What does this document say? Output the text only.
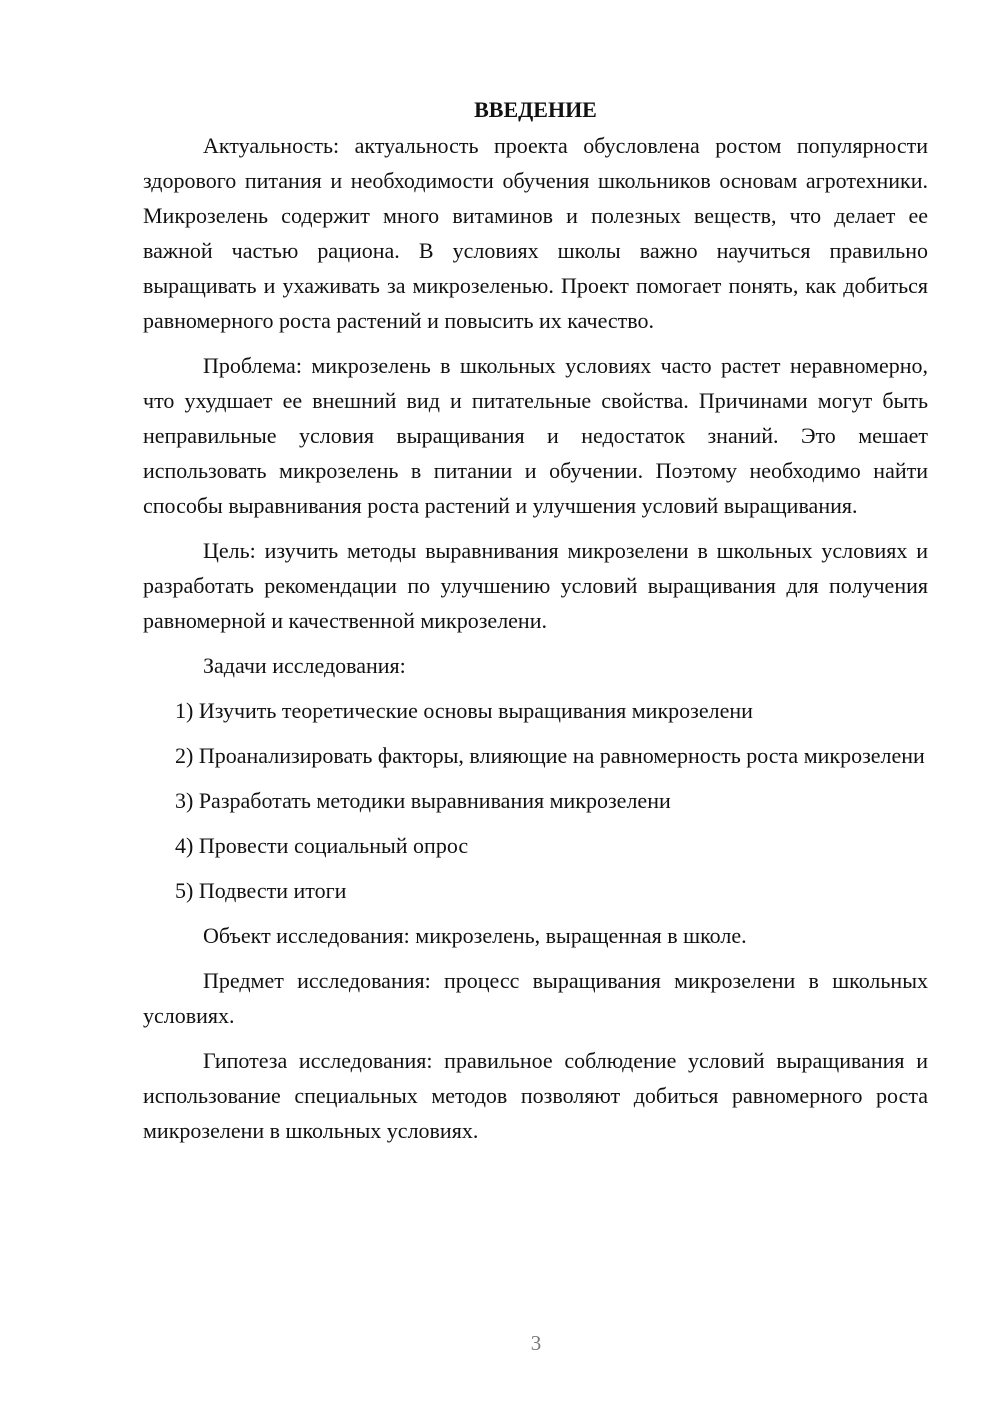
ВВЕДЕНИЕ

Актуальность: актуальность проекта обусловлена ростом популярности здорового питания и необходимости обучения школьников основам агротехники. Микрозелень содержит много витаминов и полезных веществ, что делает ее важной частью рациона. В условиях школы важно научиться правильно выращивать и ухаживать за микрозеленью. Проект помогает понять, как добиться равномерного роста растений и повысить их качество.

Проблема: микрозелень в школьных условиях часто растет неравномерно, что ухудшает ее внешний вид и питательные свойства. Причинами могут быть неправильные условия выращивания и недостаток знаний. Это мешает использовать микрозелень в питании и обучении. Поэтому необходимо найти способы выравнивания роста растений и улучшения условий выращивания.

Цель: изучить методы выравнивания микрозелени в школьных условиях и разработать рекомендации по улучшению условий выращивания для получения равномерной и качественной микрозелени.

Задачи исследования:

1) Изучить теоретические основы выращивания микрозелени
2) Проанализировать факторы, влияющие на равномерность роста микрозелени
3) Разработать методики выравнивания микрозелени
4) Провести социальный опрос
5) Подвести итоги

Объект исследования: микрозелень, выращенная в школе.

Предмет исследования: процесс выращивания микрозелени в школьных условиях.

Гипотеза исследования: правильное соблюдение условий выращивания и использование специальных методов позволяют добиться равномерного роста микрозелени в школьных условиях.

3
